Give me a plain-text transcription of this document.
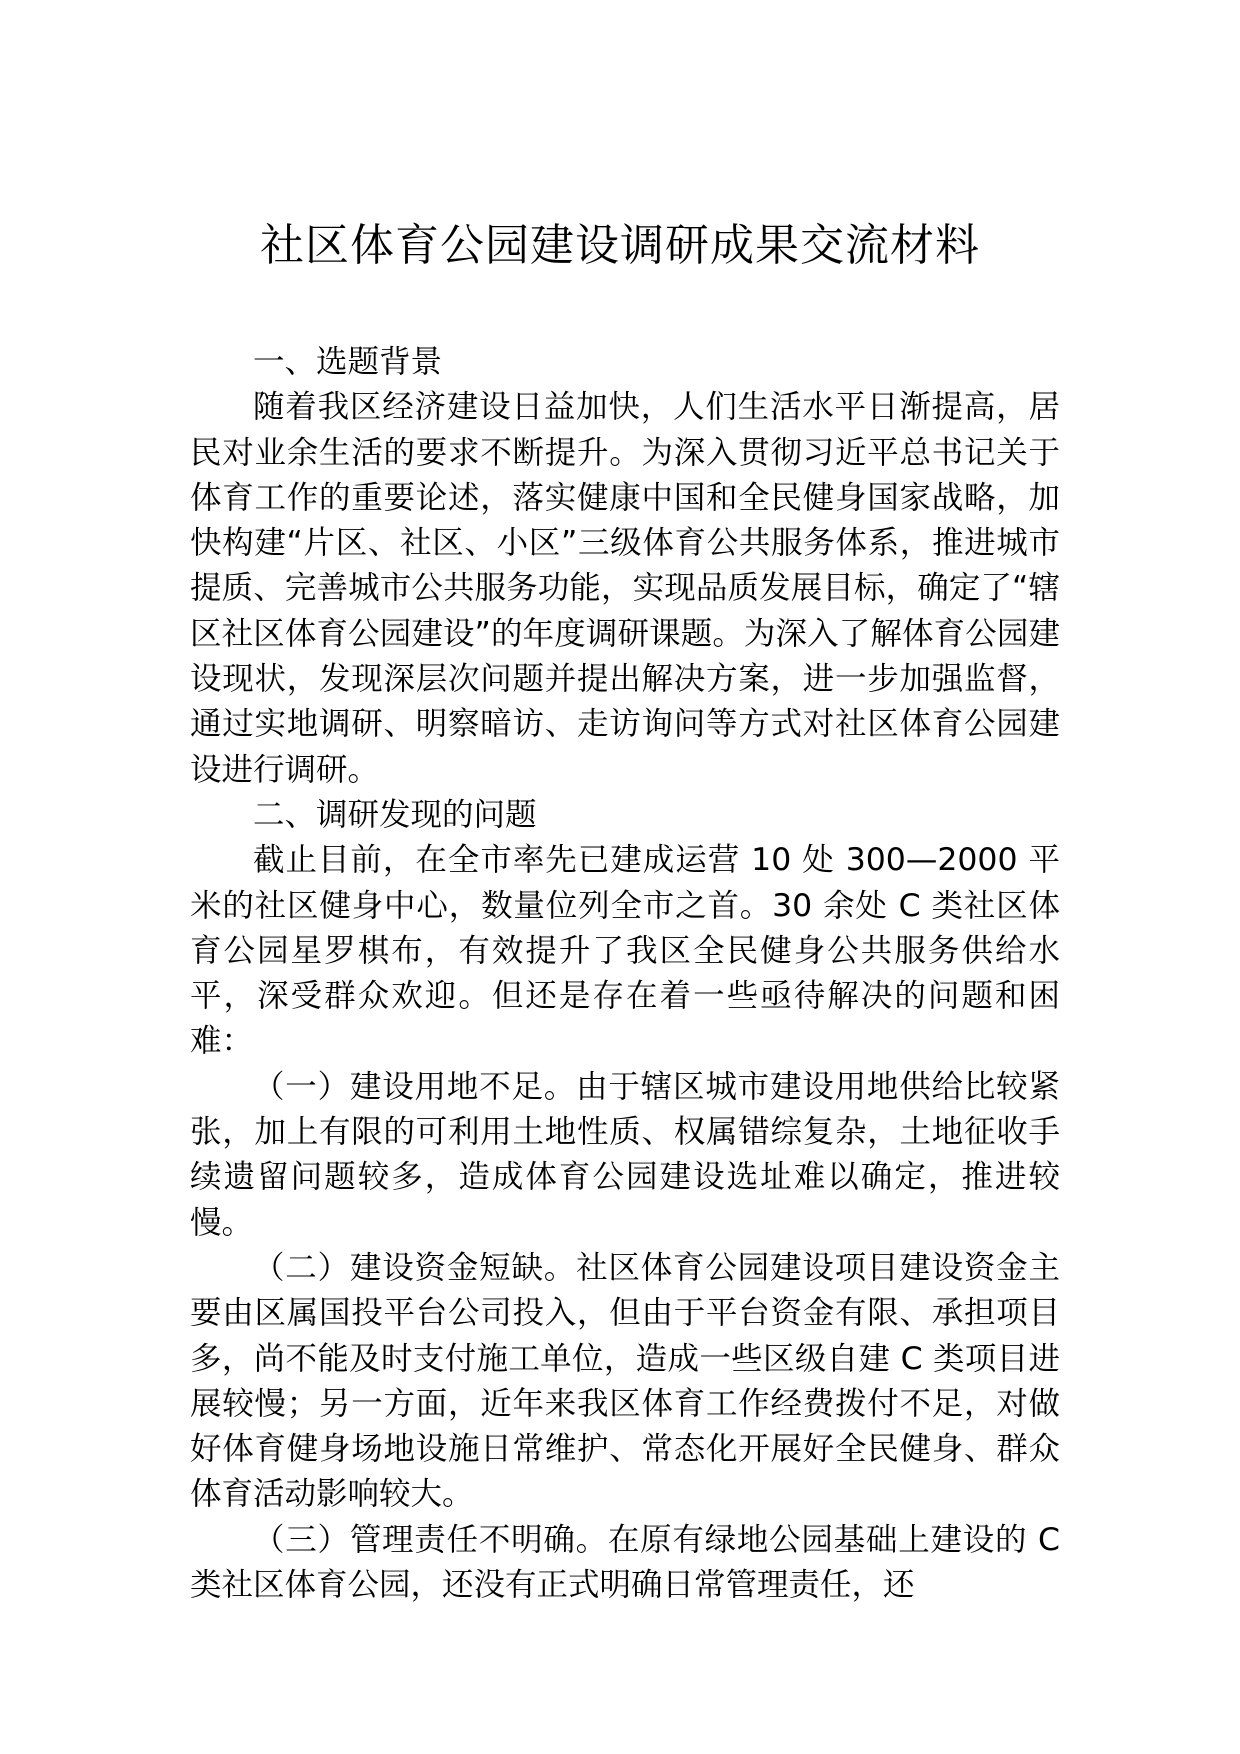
社区体育公园建设调研成果交流材料

一、选题背景

随着我区经济建设日益加快，人们生活水平日渐提高，居民对业余生活的要求不断提升。为深入贯彻习近平总书记关于体育工作的重要论述，落实健康中国和全民健身国家战略，加快构建“片区、社区、小区”三级体育公共服务体系，推进城市提质、完善城市公共服务功能，实现品质发展目标，确定了“辖区社区体育公园建设”的年度调研课题。为深入了解体育公园建设现状，发现深层次问题并提出解决方案，进一步加强监督，通过实地调研、明察暗访、走访询问等方式对社区体育公园建设进行调研。

二、调研发现的问题

截止目前，在全市率先已建成运营 10 处 300—2000 平米的社区健身中心，数量位列全市之首。30 余处 C 类社区体育公园星罗棋布，有效提升了我区全民健身公共服务供给水平，深受群众欢迎。但还是存在着一些亟待解决的问题和困难：

（一）建设用地不足。由于辖区城市建设用地供给比较紧张，加上有限的可利用土地性质、权属错综复杂，土地征收手续遗留问题较多，造成体育公园建设选址难以确定，推进较慢。

（二）建设资金短缺。社区体育公园建设项目建设资金主要由区属国投平台公司投入，但由于平台资金有限、承担项目多，尚不能及时支付施工单位，造成一些区级自建 C 类项目进展较慢；另一方面，近年来我区体育工作经费拨付不足，对做好体育健身场地设施日常维护、常态化开展好全民健身、群众体育活动影响较大。

（三）管理责任不明确。在原有绿地公园基础上建设的 C 类社区体育公园，还没有正式明确日常管理责任，还
